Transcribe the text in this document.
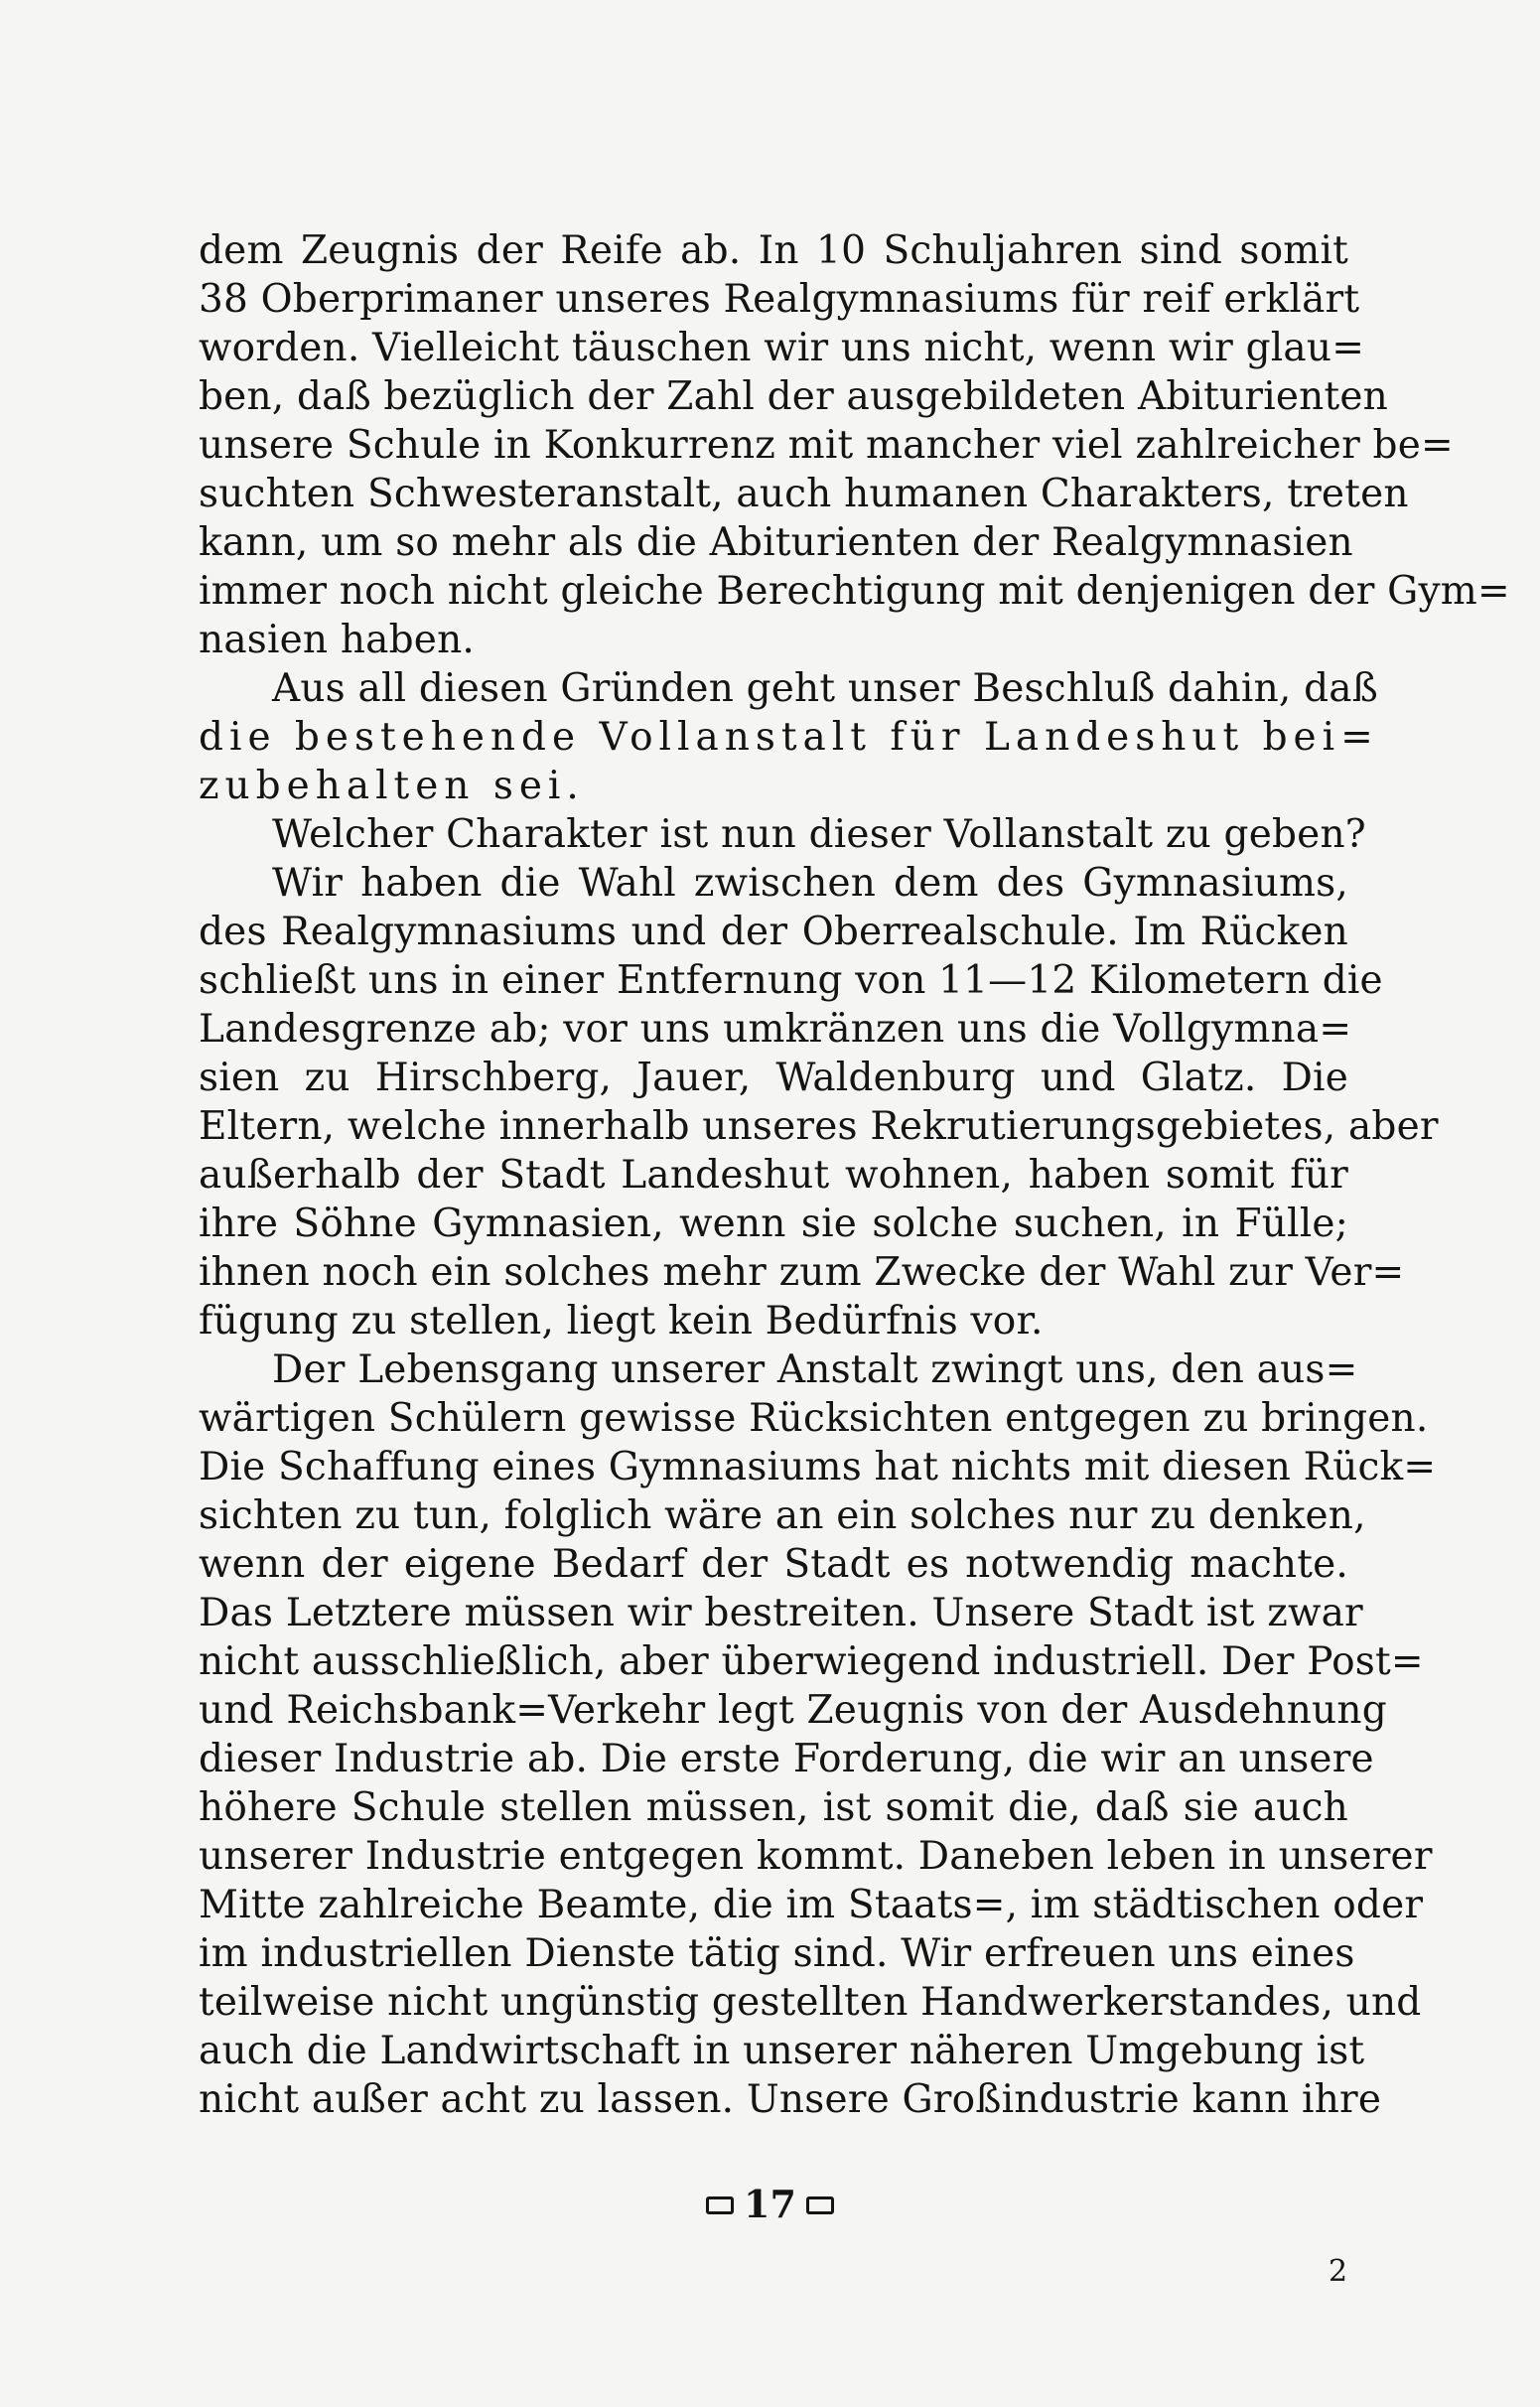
dem Zeugnis der Reife ab. In 10 Schuljahren sind somit
38 Oberprimaner unseres Realgymnasiums für reif erklärt
worden. Vielleicht täuschen wir uns nicht, wenn wir glau=
ben, daß bezüglich der Zahl der ausgebildeten Abiturienten
unsere Schule in Konkurrenz mit mancher viel zahlreicher be=
suchten Schwesteranstalt, auch humanen Charakters, treten
kann, um so mehr als die Abiturienten der Realgymnasien
immer noch nicht gleiche Berechtigung mit denjenigen der Gym=
nasien haben.
Aus all diesen Gründen geht unser Beschluß dahin, daß
die bestehende Vollanstalt für Landeshut bei=
zubehalten sei.
Welcher Charakter ist nun dieser Vollanstalt zu geben?
Wir haben die Wahl zwischen dem des Gymnasiums,
des Realgymnasiums und der Oberrealschule. Im Rücken
schließt uns in einer Entfernung von 11—12 Kilometern die
Landesgrenze ab; vor uns umkränzen uns die Vollgymna=
sien zu Hirschberg, Jauer, Waldenburg und Glatz. Die
Eltern, welche innerhalb unseres Rekrutierungsgebietes, aber
außerhalb der Stadt Landeshut wohnen, haben somit für
ihre Söhne Gymnasien, wenn sie solche suchen, in Fülle;
ihnen noch ein solches mehr zum Zwecke der Wahl zur Ver=
fügung zu stellen, liegt kein Bedürfnis vor.
Der Lebensgang unserer Anstalt zwingt uns, den aus=
wärtigen Schülern gewisse Rücksichten entgegen zu bringen.
Die Schaffung eines Gymnasiums hat nichts mit diesen Rück=
sichten zu tun, folglich wäre an ein solches nur zu denken,
wenn der eigene Bedarf der Stadt es notwendig machte.
Das Letztere müssen wir bestreiten. Unsere Stadt ist zwar
nicht ausschließlich, aber überwiegend industriell. Der Post=
und Reichsbank=Verkehr legt Zeugnis von der Ausdehnung
dieser Industrie ab. Die erste Forderung, die wir an unsere
höhere Schule stellen müssen, ist somit die, daß sie auch
unserer Industrie entgegen kommt. Daneben leben in unserer
Mitte zahlreiche Beamte, die im Staats=, im städtischen oder
im industriellen Dienste tätig sind. Wir erfreuen uns eines
teilweise nicht ungünstig gestellten Handwerkerstandes, und
auch die Landwirtschaft in unserer näheren Umgebung ist
nicht außer acht zu lassen. Unsere Großindustrie kann ihre
17
2
